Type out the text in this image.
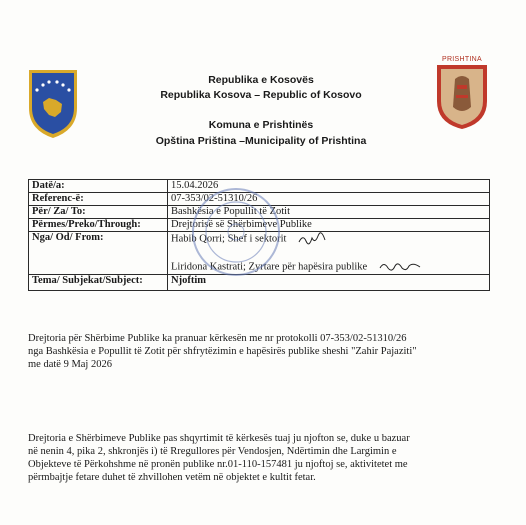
PRISHTINA
Republika e Kosovës
Republika Kosova – Republic of Kosovo
Komuna e Prishtinës
Opština Priština –Municipality of Prishtina
Datë/a:	15.04.2026
Referenc-ë:	07-353/02-51310/26
Për/ Za/ To:	Bashkësia e Popullit të Zotit
Përmes/Preko/Through:	Drejtorisë së Shërbimeve Publike
Nga/ Od/ From:	Habib Qorri; Shef i sektorit
Liridona Kastrati; Zyrtare për hapësira publike

Tema/ Subjekat/Subject:	Njoftim
Drejtoria për Shërbime Publike ka pranuar kërkesën me nr protokolli 07-353/02-51310/26
nga Bashkësia e Popullit të Zotit për shfrytëzimin e hapësirës publike sheshi "Zahir Pajaziti"
me datë 9 Maj 2026
Drejtoria e Shërbimeve Publike pas shqyrtimit të kërkesës tuaj ju njofton se, duke u bazuar
në nenin 4, pika 2, shkronjës i) të Rregullores për Vendosjen, Ndërtimin dhe Largimin e
Objekteve të Përkohshme në pronën publike nr.01-110-157481 ju njoftoj se, aktivitetet me
përmbajtje fetare duhet të zhvillohen vetëm në objektet e kultit fetar.
